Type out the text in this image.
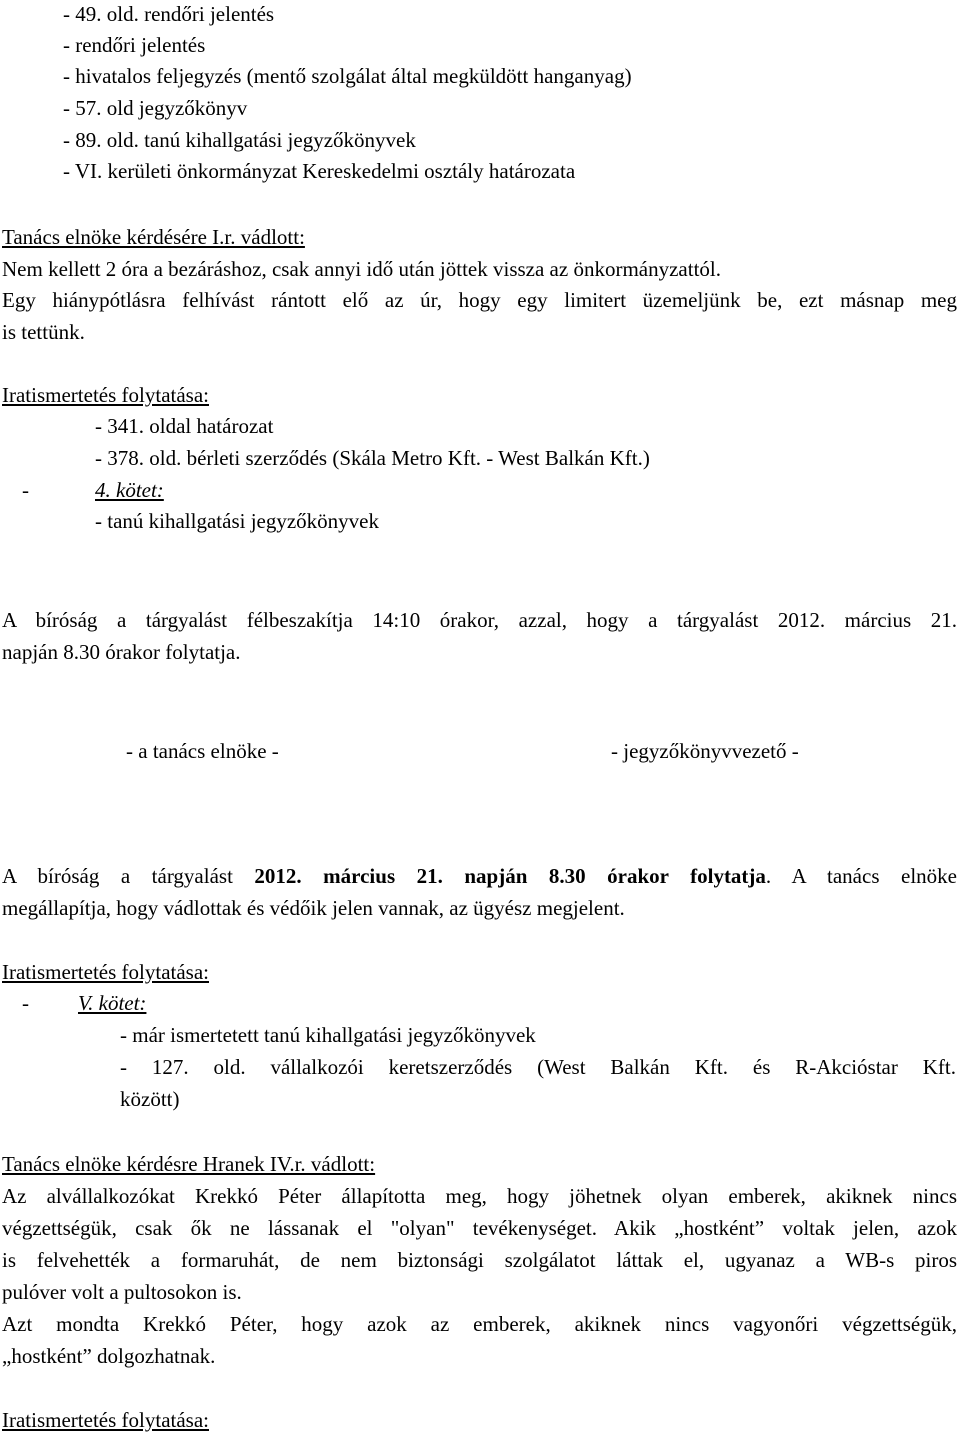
- 49. old. rendőri jelentés
- rendőri jelentés
- hivatalos feljegyzés (mentő szolgálat által megküldött hanganyag)
- 57. old jegyzőkönyv
- 89. old. tanú kihallgatási jegyzőkönyvek
- VI. kerületi önkormányzat Kereskedelmi osztály határozata
Tanács elnöke kérdésére I.r. vádlott:
Nem kellett 2 óra a bezáráshoz, csak annyi idő után jöttek vissza az önkormányzattól.
Egy hiánypótlásra felhívást rántott elő az úr, hogy egy limitert üzemeljünk be, ezt másnap meg
is tettünk.
Iratismertetés folytatása:
- 341. oldal határozat
- 378. old. bérleti szerződés (Skála Metro Kft. - West Balkán Kft.)
-	4. kötet:
- tanú kihallgatási jegyzőkönyvek
A bíróság a tárgyalást félbeszakítja 14:10 órakor, azzal, hogy a tárgyalást 2012. március 21.
napján 8.30 órakor folytatja.
- a tanács elnöke -	- jegyzőkönyvvezető -
A bíróság a tárgyalást 2012. március 21. napján 8.30 órakor folytatja. A tanács elnöke
megállapítja, hogy vádlottak és védőik jelen vannak, az ügyész megjelent.
Iratismertetés folytatása:
- V. kötet:
- már ismertetett tanú kihallgatási jegyzőkönyvek
- 127. old. vállalkozói keretszerződés (West Balkán Kft. és R-Akcióstar Kft.
között)
Tanács elnöke kérdésre Hranek IV.r. vádlott:
Az alvállalkozókat Krekkó Péter állapította meg, hogy jöhetnek olyan emberek, akiknek nincs
végzettségük, csak ők ne lássanak el "olyan" tevékenységet. Akik „hostként” voltak jelen, azok
is felvehették a formaruhát, de nem biztonsági szolgálatot láttak el, ugyanaz a WB-s piros
pulóver volt a pultosokon is.
Azt mondta Krekkó Péter, hogy azok az emberek, akiknek nincs vagyonőri végzettségük,
„hostként” dolgozhatnak.
Iratismertetés folytatása:
